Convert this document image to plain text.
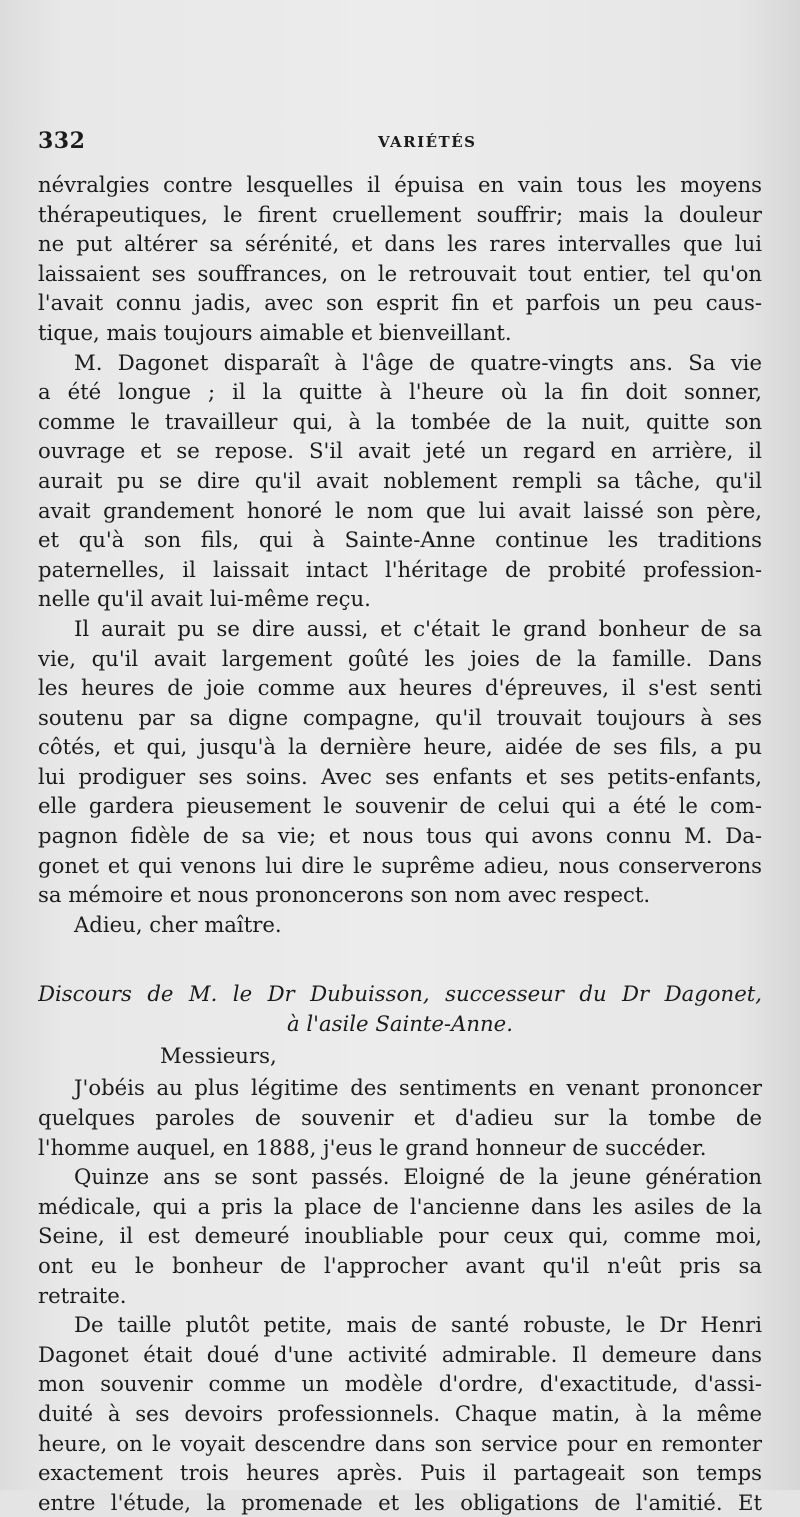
332	VARIÉTÉS
névralgies contre lesquelles il épuisa en vain tous les moyens
thérapeutiques, le firent cruellement souffrir; mais la douleur
ne put altérer sa sérénité, et dans les rares intervalles que lui
laissaient ses souffrances, on le retrouvait tout entier, tel qu'on
l'avait connu jadis, avec son esprit fin et parfois un peu caus-
tique, mais toujours aimable et bienveillant.
M. Dagonet disparaît à l'âge de quatre-vingts ans. Sa vie
a été longue ; il la quitte à l'heure où la fin doit sonner,
comme le travailleur qui, à la tombée de la nuit, quitte son
ouvrage et se repose. S'il avait jeté un regard en arrière, il
aurait pu se dire qu'il avait noblement rempli sa tâche, qu'il
avait grandement honoré le nom que lui avait laissé son père,
et qu'à son fils, qui à Sainte-Anne continue les traditions
paternelles, il laissait intact l'héritage de probité profession-
nelle qu'il avait lui-même reçu.
Il aurait pu se dire aussi, et c'était le grand bonheur de sa
vie, qu'il avait largement goûté les joies de la famille. Dans
les heures de joie comme aux heures d'épreuves, il s'est senti
soutenu par sa digne compagne, qu'il trouvait toujours à ses
côtés, et qui, jusqu'à la dernière heure, aidée de ses fils, a pu
lui prodiguer ses soins. Avec ses enfants et ses petits-enfants,
elle gardera pieusement le souvenir de celui qui a été le com-
pagnon fidèle de sa vie; et nous tous qui avons connu M. Da-
gonet et qui venons lui dire le suprême adieu, nous conserverons
sa mémoire et nous prononcerons son nom avec respect.
Adieu, cher maître.
Discours de M. le Dr Dubuisson, successeur du Dr Dagonet,
à l'asile Sainte-Anne.
Messieurs,
J'obéis au plus légitime des sentiments en venant prononcer
quelques paroles de souvenir et d'adieu sur la tombe de
l'homme auquel, en 1888, j'eus le grand honneur de succéder.
Quinze ans se sont passés. Eloigné de la jeune génération
médicale, qui a pris la place de l'ancienne dans les asiles de la
Seine, il est demeuré inoubliable pour ceux qui, comme moi,
ont eu le bonheur de l'approcher avant qu'il n'eût pris sa
retraite.
De taille plutôt petite, mais de santé robuste, le Dr Henri
Dagonet était doué d'une activité admirable. Il demeure dans
mon souvenir comme un modèle d'ordre, d'exactitude, d'assi-
duité à ses devoirs professionnels. Chaque matin, à la même
heure, on le voyait descendre dans son service pour en remonter
exactement trois heures après. Puis il partageait son temps
entre l'étude, la promenade et les obligations de l'amitié. Et
